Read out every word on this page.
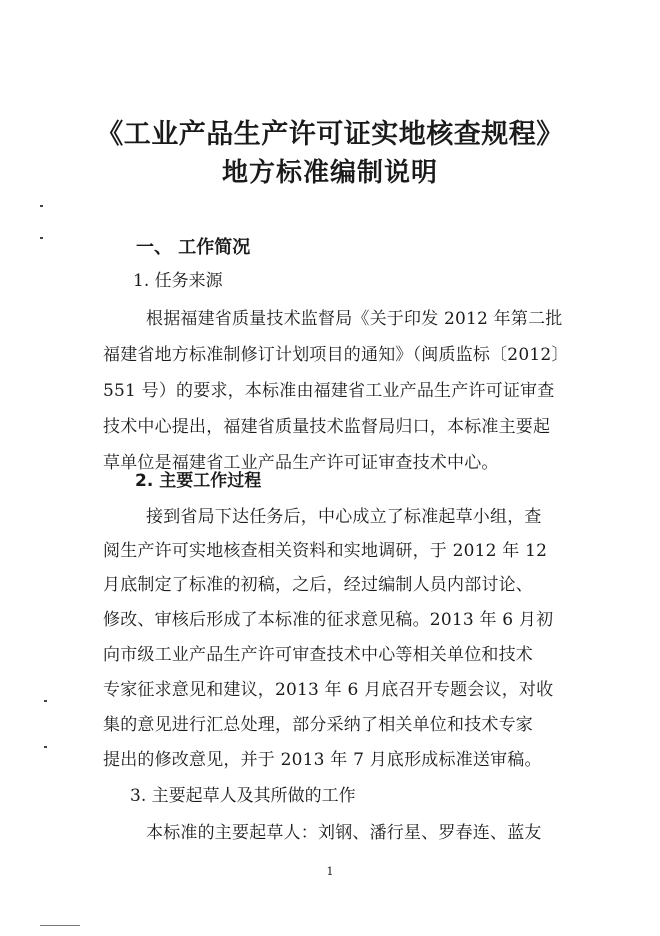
《工业产品生产许可证实地核查规程》
地方标准编制说明
一、 工作简况
1. 任务来源
根据福建省质量技术监督局《关于印发 2012 年第二批
福建省地方标准制修订计划项目的通知》（闽质监标〔2012〕
551 号）的要求，本标准由福建省工业产品生产许可证审查
技术中心提出，福建省质量技术监督局归口，本标准主要起
草单位是福建省工业产品生产许可证审查技术中心。
2. 主要工作过程
接到省局下达任务后，中心成立了标准起草小组，查
阅生产许可实地核查相关资料和实地调研，于 2012 年 12
月底制定了标准的初稿，之后，经过编制人员内部讨论、
修改、审核后形成了本标准的征求意见稿。2013 年 6 月初
向市级工业产品生产许可审查技术中心等相关单位和技术
专家征求意见和建议，2013 年 6 月底召开专题会议，对收
集的意见进行汇总处理，部分采纳了相关单位和技术专家
提出的修改意见，并于 2013 年 7 月底形成标准送审稿。
3. 主要起草人及其所做的工作
本标准的主要起草人：刘钢、潘行星、罗春连、蓝友
1
